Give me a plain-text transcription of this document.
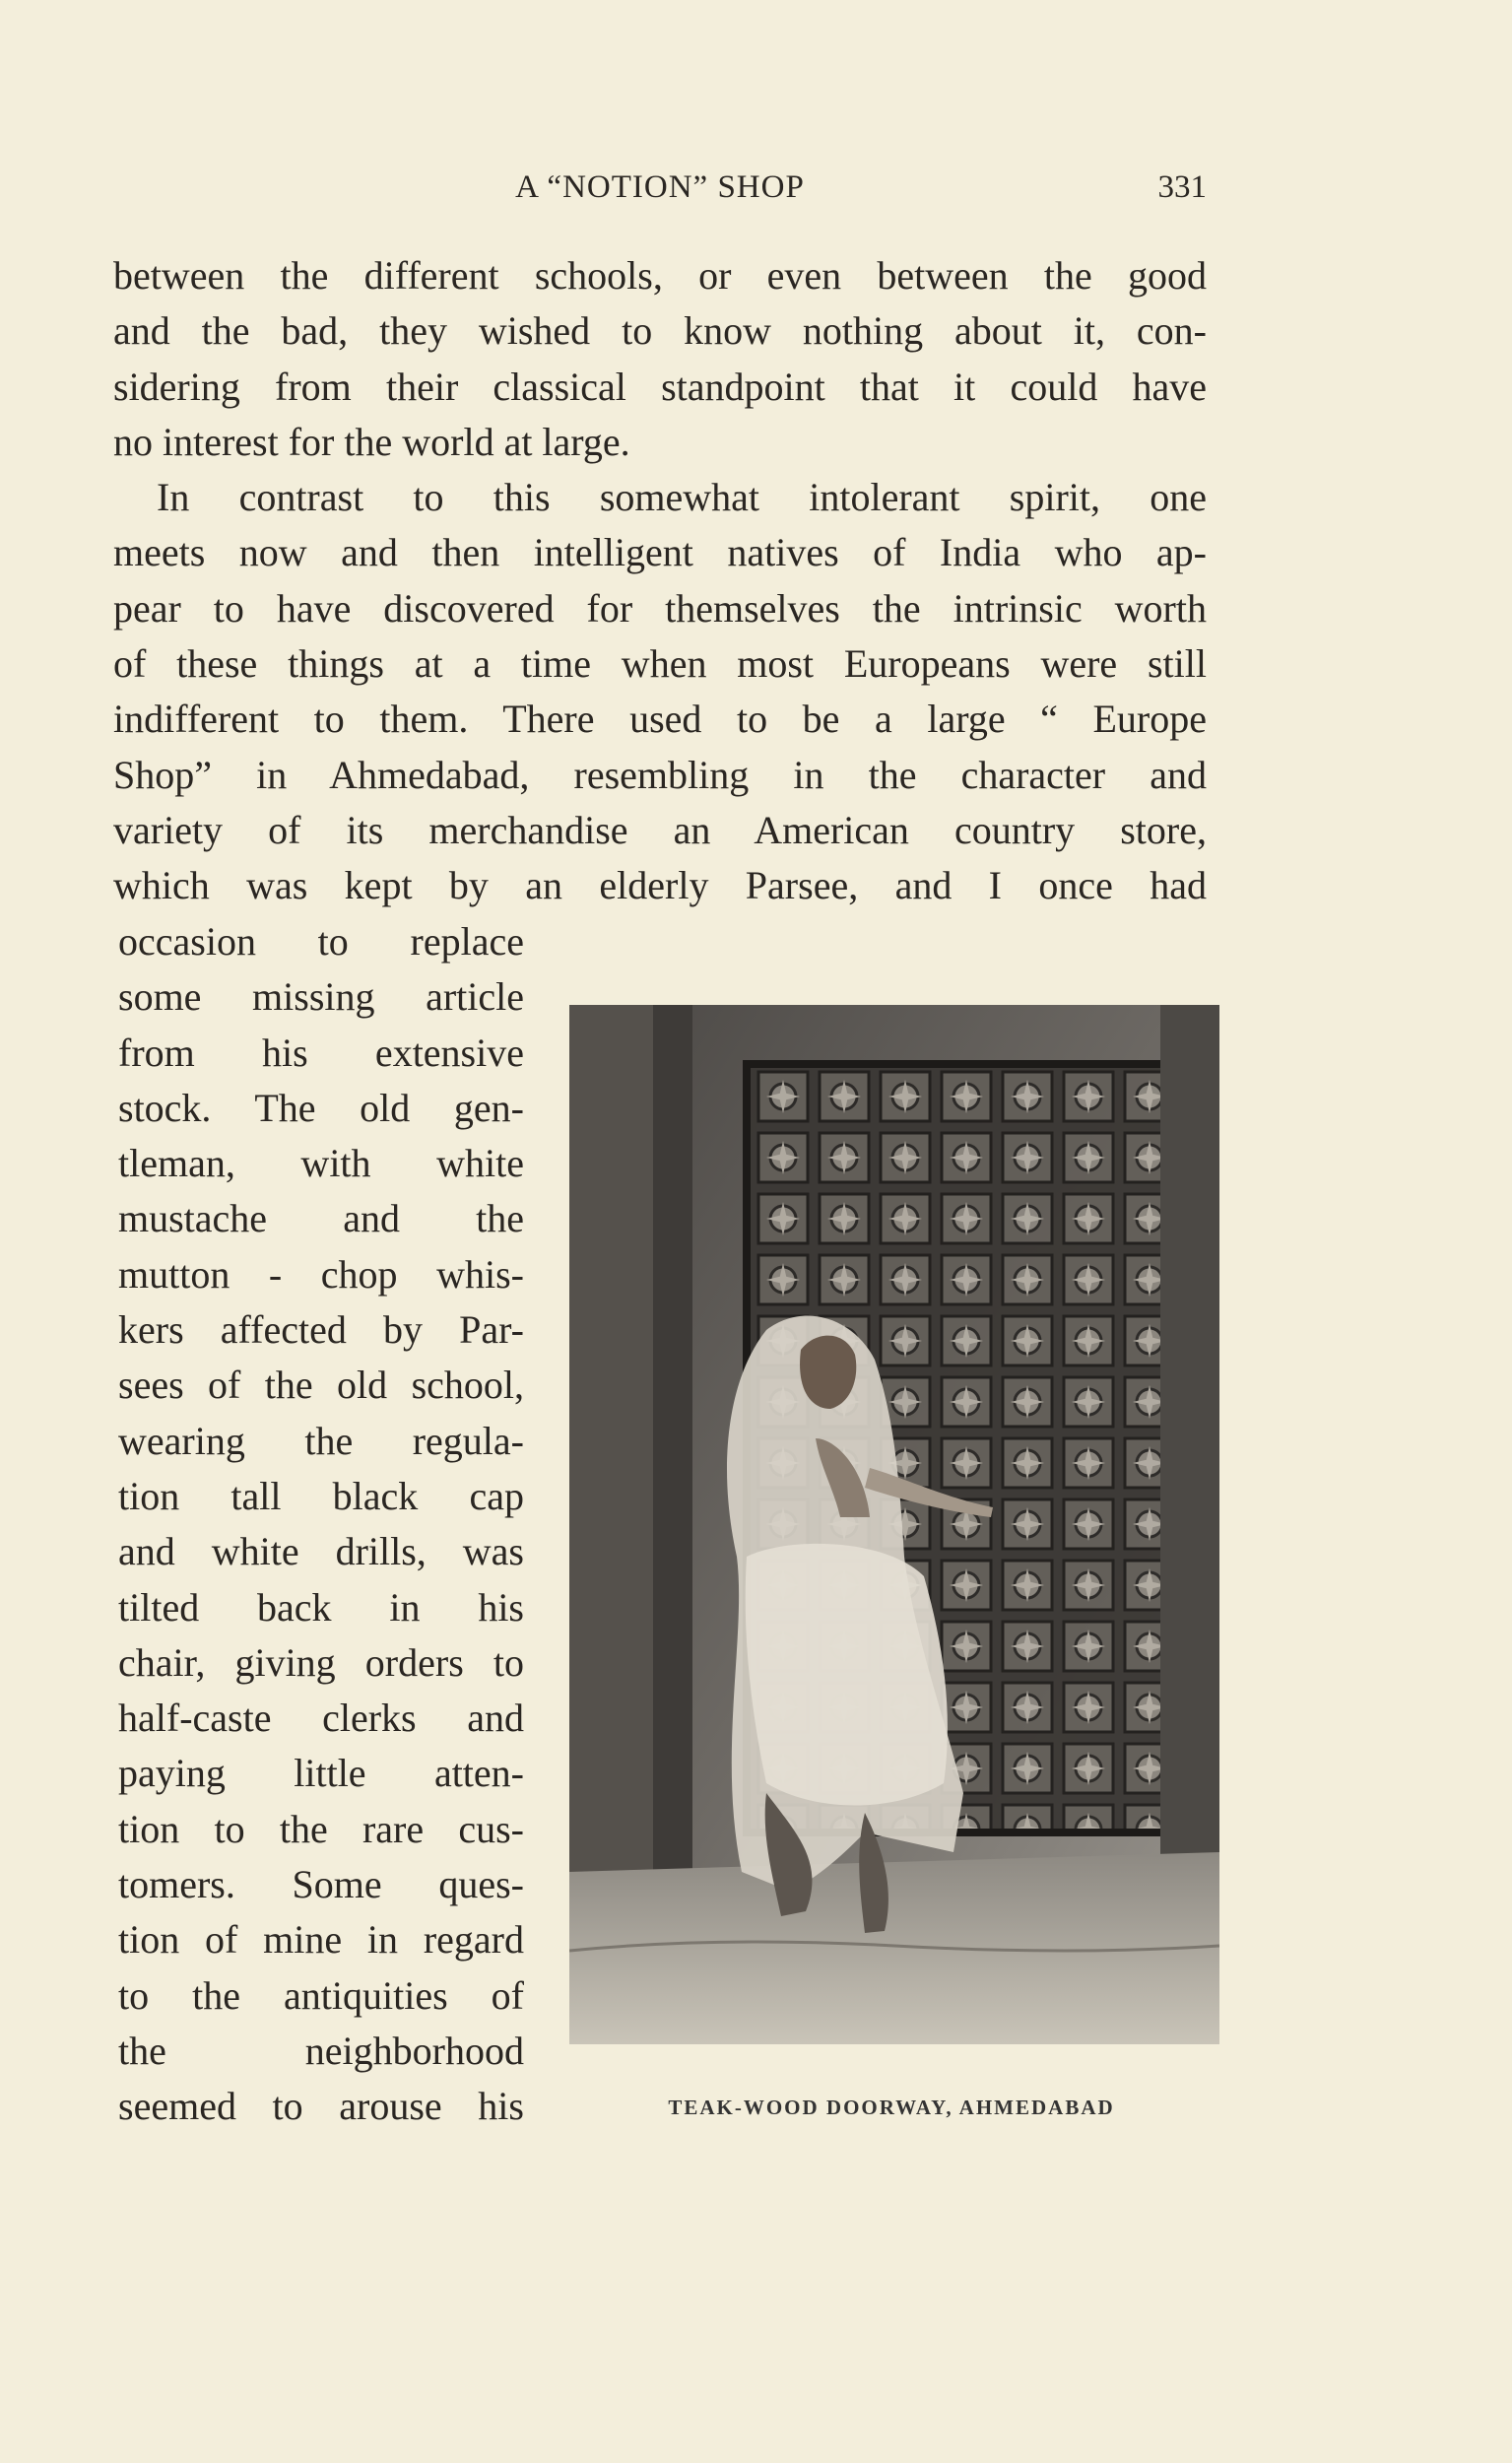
A “NOTION” SHOP	331
between the different schools, or even between the good
and the bad, they wished to know nothing about it, con-
sidering from their classical standpoint that it could have
no interest for the world at large.
In contrast to this somewhat intolerant spirit, one
meets now and then intelligent natives of India who ap-
pear to have discovered for themselves the intrinsic worth
of these things at a time when most Europeans were still
indifferent to them. There used to be a large “ Europe
Shop” in Ahmedabad, resembling in the character and
variety of its merchandise an American country store,
which was kept by an elderly Parsee, and I once had
occasion to replace
some missing article
from his extensive
stock. The old gen-
tleman, with white
mustache and the
mutton - chop whis-
kers affected by Par-
sees of the old school,
wearing the regula-
tion tall black cap
and white drills, was
tilted back in his
chair, giving orders to
half-caste clerks and
paying little atten-
tion to the rare cus-
tomers. Some ques-
tion of mine in regard
to the antiquities of
the neighborhood
seemed to arouse his	TEAK-WOOD DOORWAY, AHMEDABAD
